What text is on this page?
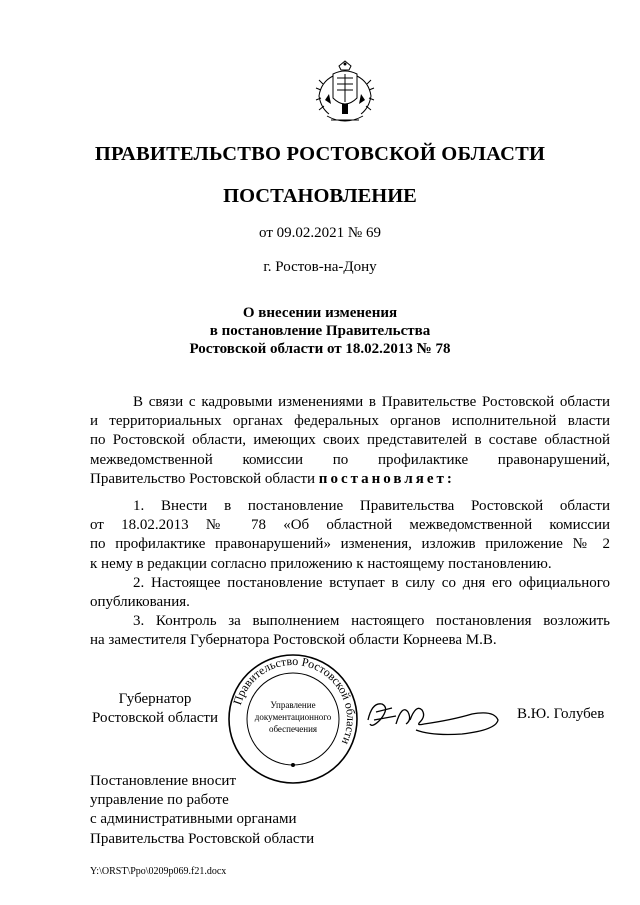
ПРАВИТЕЛЬСТВО РОСТОВСКОЙ ОБЛАСТИ
ПОСТАНОВЛЕНИЕ
от 09.02.2021 № 69
г. Ростов-на-Дону
О внесении изменения
в постановление Правительства
Ростовской области от 18.02.2013 № 78
В связи с кадровыми изменениями в Правительстве Ростовской области
и территориальных органах федеральных органов исполнительной власти
по Ростовской области, имеющих своих представителей в составе областной
межведомственной комиссии по профилактике правонарушений,
Правительство Ростовской области постановляет:
1. Внести в постановление Правительства Ростовской области
от 18.02.2013 № 78 «Об областной межведомственной комиссии
по профилактике правонарушений» изменения, изложив приложение № 2
к нему в редакции согласно приложению к настоящему постановлению.
2. Настоящее постановление вступает в силу со дня его официального
опубликования.
3. Контроль за выполнением настоящего постановления возложить
на заместителя Губернатора Ростовской области Корнеева М.В.
Губернатор
Ростовской области
Правительство Ростовской области
Управление
документационного
обеспечения
В.Ю. Голубев
Постановление вносит
управление по работе
с административными органами
Правительства Ростовской области
Y:\ORST\Ppo\0209p069.f21.docx
